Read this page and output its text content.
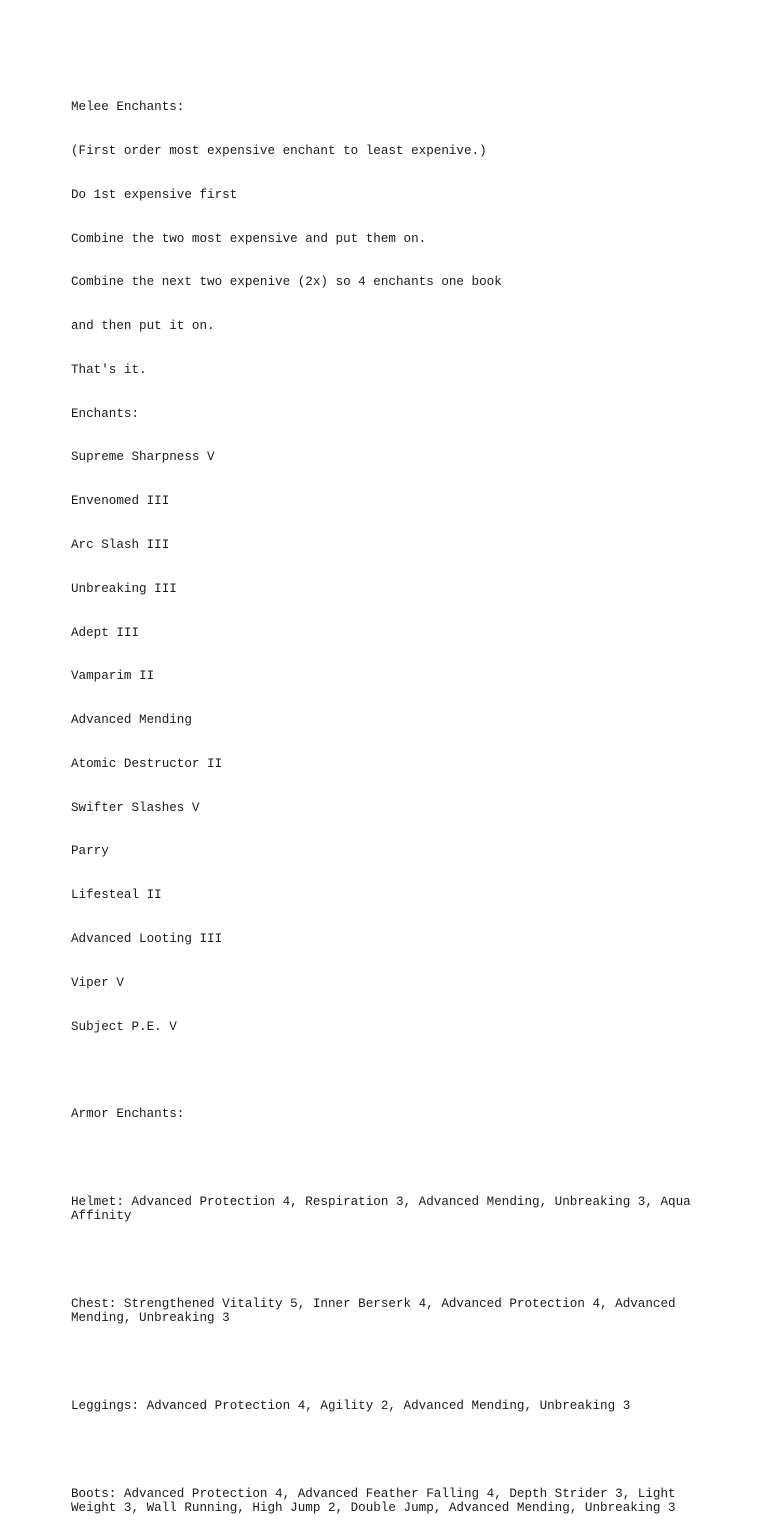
Melee Enchants:

(First order most expensive enchant to least expenive.)

Do 1st expensive first

Combine the two most expensive and put them on.

Combine the next two expenive (2x) so 4 enchants one book

and then put it on.

That's it.

Enchants:

Supreme Sharpness V

Envenomed III

Arc Slash III

Unbreaking III

Adept III

Vamparim II

Advanced Mending

Atomic Destructor II

Swifter Slashes V

Parry

Lifesteal II

Advanced Looting III

Viper V

Subject P.E. V

Armor Enchants:

Helmet: Advanced Protection 4, Respiration 3, Advanced Mending, Unbreaking 3, Aqua Affinity

Chest: Strengthened Vitality 5, Inner Berserk 4, Advanced Protection 4, Advanced Mending, Unbreaking 3

Leggings: Advanced Protection 4, Agility 2, Advanced Mending, Unbreaking 3

Boots: Advanced Protection 4, Advanced Feather Falling 4, Depth Strider 3, Light Weight 3, Wall Running, High Jump 2, Double Jump, Advanced Mending, Unbreaking 3
